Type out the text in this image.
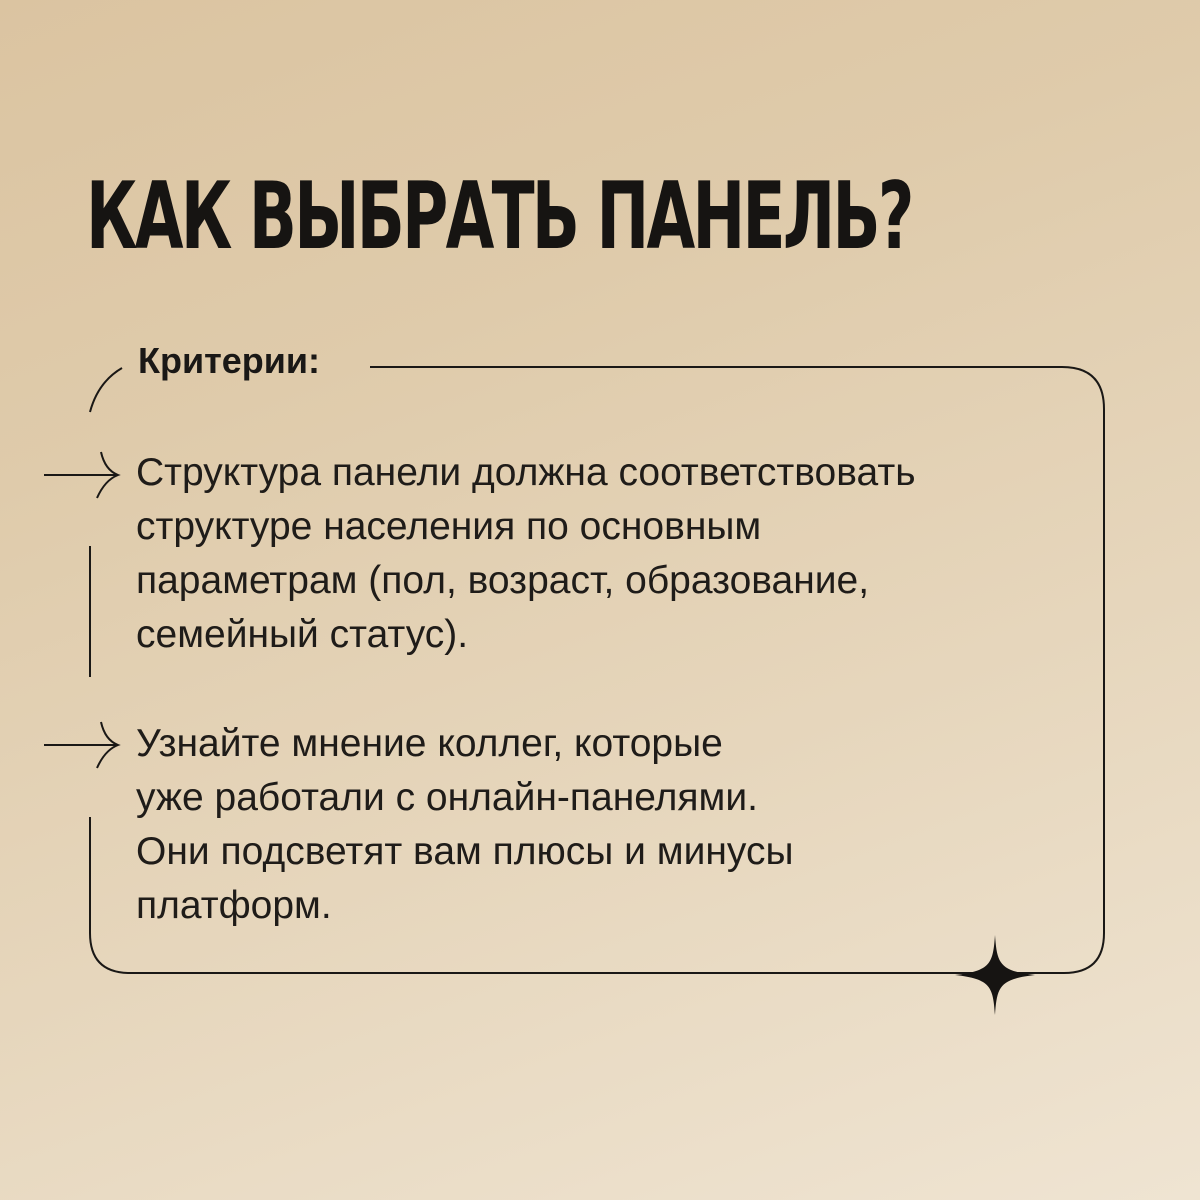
КАК ВЫБРАТЬ ПАНЕЛЬ?
Критерии:

Структура панели должна соответствовать
структуре населения по основным
параметрам (пол, возраст, образование,
семейный статус).

Узнайте мнение коллег, которые
уже работали с онлайн-панелями.
Они подсветят вам плюсы и минусы
платформ.
